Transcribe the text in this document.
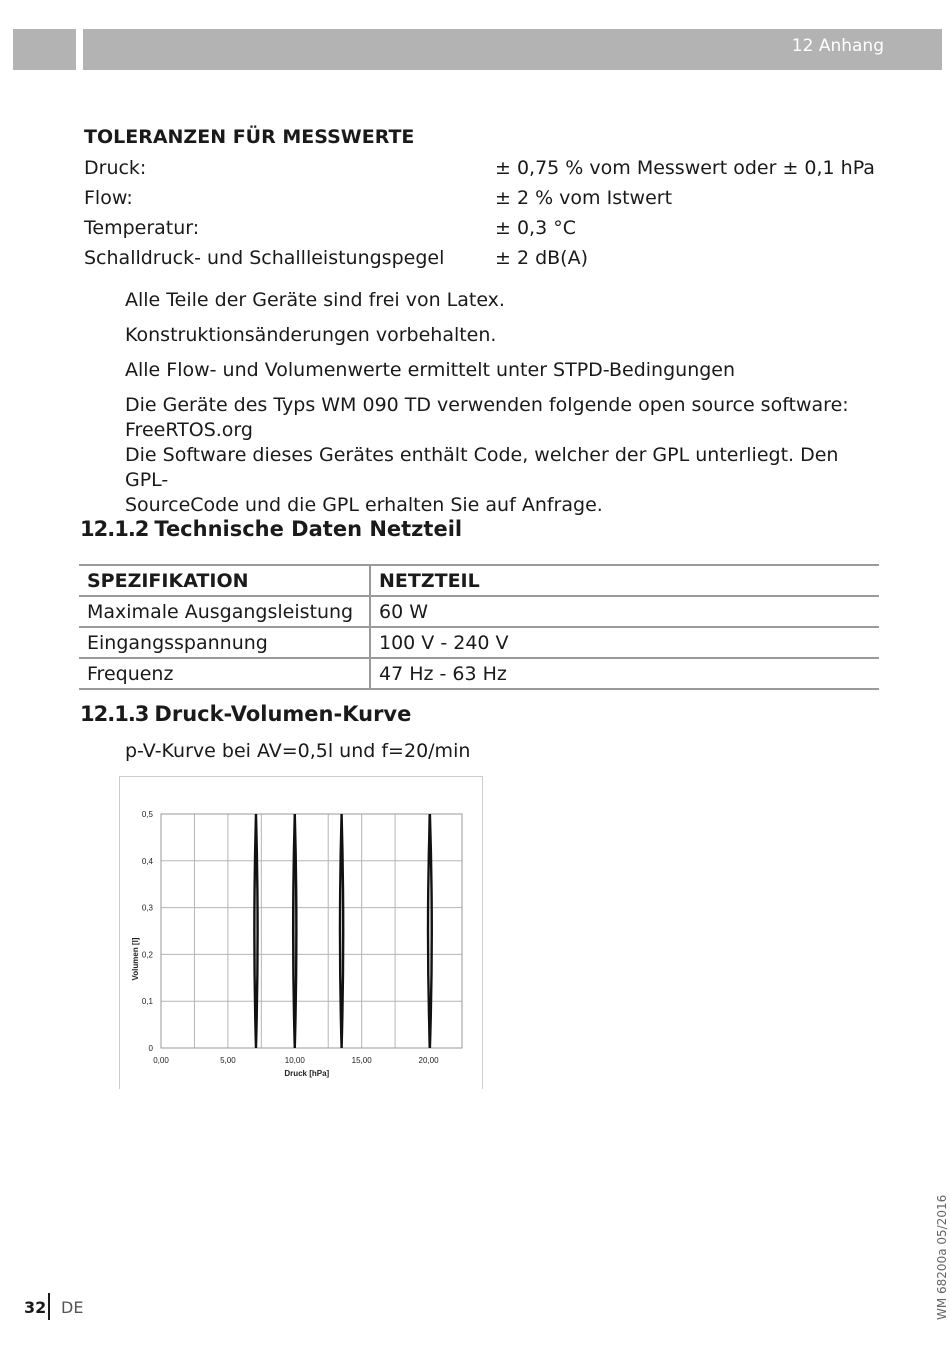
12 Anhang
TOLERANZEN FÜR MESSWERTE
Druck:	± 0,75 % vom Messwert oder ± 0,1 hPa
Flow:	± 2 % vom Istwert
Temperatur:	± 0,3 °C
Schalldruck- und Schallleistungspegel	± 2 dB(A)
Alle Teile der Geräte sind frei von Latex.
Konstruktionsänderungen vorbehalten.
Alle Flow- und Volumenwerte ermittelt unter STPD-Bedingungen
Die Geräte des Typs WM 090 TD verwenden folgende open source software:
FreeRTOS.org
Die Software dieses Gerätes enthält Code, welcher der GPL unterliegt. Den GPL-
SourceCode und die GPL erhalten Sie auf Anfrage.
12.1.2 Technische Daten Netzteil
SPEZIFIKATION	NETZTEIL
Maximale Ausgangsleistung	60 W
Eingangsspannung	100 V - 240 V
Frequenz	47 Hz - 63 Hz
12.1.3 Druck-Volumen-Kurve
p-V-Kurve bei AV=0,5l und f=20/min
0
0,1
0,2
0,3
0,4
0,5
0,00	5,00	10,00	15,00	20,00
Druck [hPa]
Volumen [l]
32 DE	WM 68200a 05/2016
